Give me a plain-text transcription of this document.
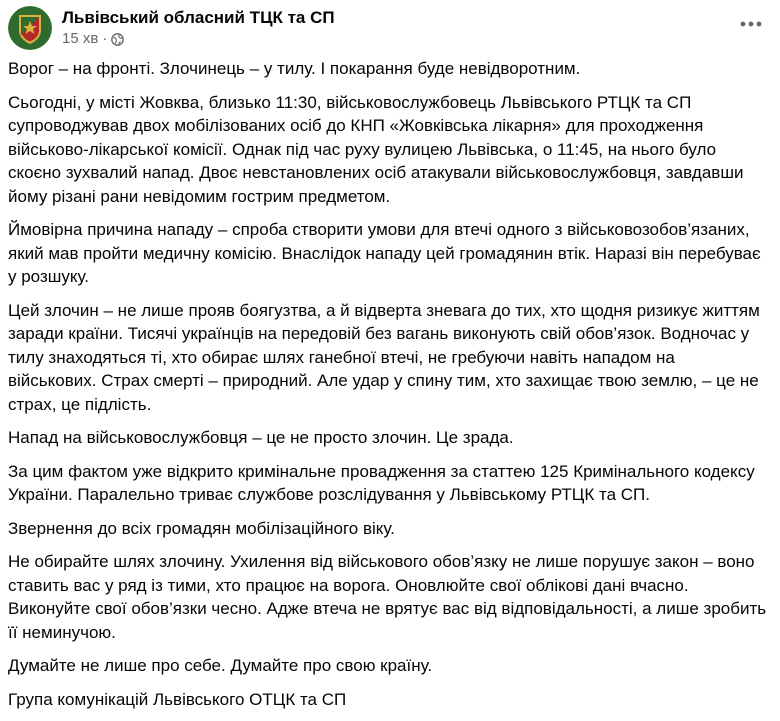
Львівський обласний ТЦК та СП
15 хв ·

Ворог – на фронті. Злочинець – у тилу. І покарання буде невідворотним.

Сьогодні, у місті Жовква, близько 11:30, військовослужбовець Львівського РТЦК та СП супроводжував двох мобілізованих осіб до КНП «Жовківська лікарня» для проходження військово-лікарської комісії. Однак під час руху вулицею Львівська, о 11:45, на нього було скоєно зухвалий напад. Двоє невстановлених осіб атакували військовослужбовця, завдавши йому різані рани невідомим гострим предметом.

Ймовірна причина нападу – спроба створити умови для втечі одного з військовозобов’язаних, який мав пройти медичну комісію. Внаслідок нападу цей громадянин втік. Наразі він перебуває у розшуку.

Цей злочин – не лише прояв боягузтва, а й відверта зневага до тих, хто щодня ризикує життям заради країни. Тисячі українців на передовій без вагань виконують свій обов’язок. Водночас у тилу знаходяться ті, хто обирає шлях ганебної втечі, не гребуючи навіть нападом на військових. Страх смерті – природний. Але удар у спину тим, хто захищає твою землю, – це не страх, це підлість.

Напад на військовослужбовця – це не просто злочин. Це зрада.

За цим фактом уже відкрито кримінальне провадження за статтею 125 Кримінального кодексу України. Паралельно триває службове розслідування у Львівському РТЦК та СП.

Звернення до всіх громадян мобілізаційного віку.

Не обирайте шлях злочину. Ухилення від військового обов’язку не лише порушує закон – воно ставить вас у ряд із тими, хто працює на ворога. Оновлюйте свої облікові дані вчасно. Виконуйте свої обов’язки чесно. Адже втеча не врятує вас від відповідальності, а лише зробить її неминучою.

Думайте не лише про себе. Думайте про свою країну.

Група комунікацій Львівського ОТЦК та СП
